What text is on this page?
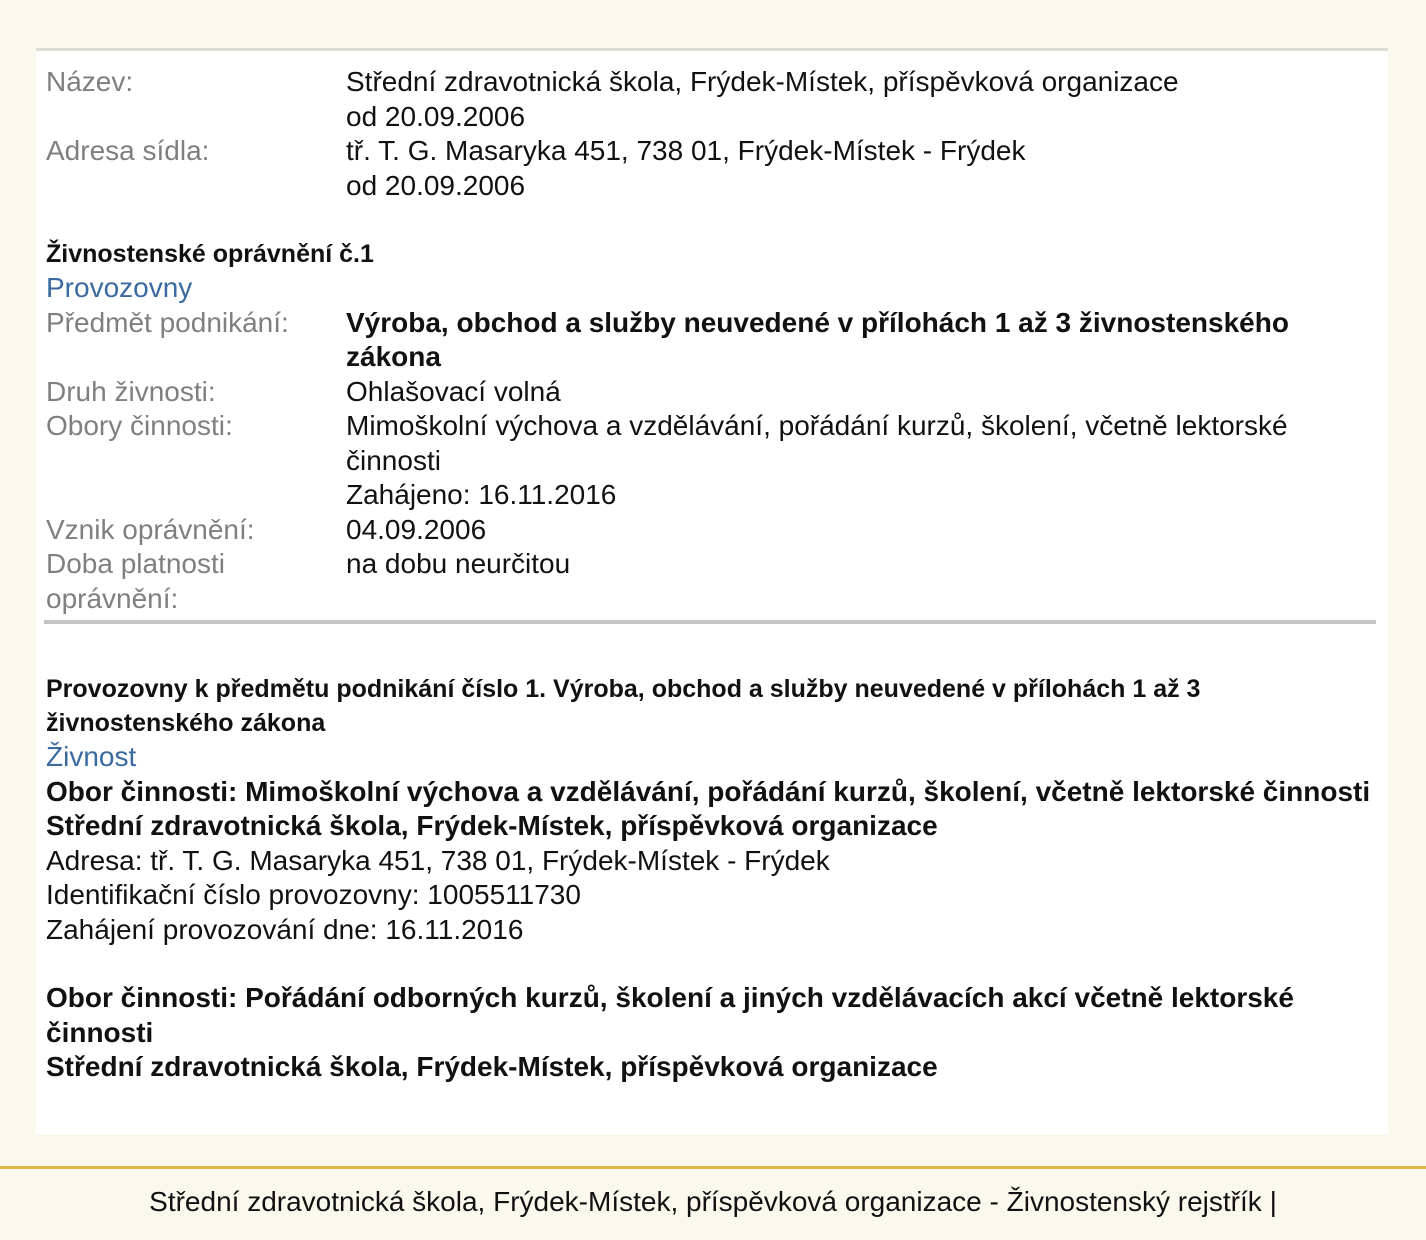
Název:	Střední zdravotnická škola, Frýdek-Místek, příspěvková organizace
od 20.09.2006
Adresa sídla:	tř. T. G. Masaryka 451, 738 01, Frýdek-Místek - Frýdek
od 20.09.2006
Živnostenské oprávnění č.1
Provozovny
Předmět podnikání:	Výroba, obchod a služby neuvedené v přílohách 1 až 3 živnostenského zákona
Druh živnosti:	Ohlašovací volná
Obory činnosti:	Mimoškolní výchova a vzdělávání, pořádání kurzů, školení, včetně lektorské činnosti
Zahájeno: 16.11.2016
Vznik oprávnění:	04.09.2006
Doba platnosti oprávnění:
na dobu neurčitou
Provozovny k předmětu podnikání číslo 1. Výroba, obchod a služby neuvedené v přílohách 1 až 3 živnostenského zákona
Živnost
Obor činnosti: Mimoškolní výchova a vzdělávání, pořádání kurzů, školení, včetně lektorské činnosti
Střední zdravotnická škola, Frýdek-Místek, příspěvková organizace
Adresa: tř. T. G. Masaryka 451, 738 01, Frýdek-Místek - Frýdek
Identifikační číslo provozovny: 1005511730
Zahájení provozování dne: 16.11.2016
Obor činnosti: Pořádání odborných kurzů, školení a jiných vzdělávacích akcí včetně lektorské činnosti
Střední zdravotnická škola, Frýdek-Místek, příspěvková organizace
Střední zdravotnická škola, Frýdek-Místek, příspěvková organizace - Živnostenský rejstřík |
